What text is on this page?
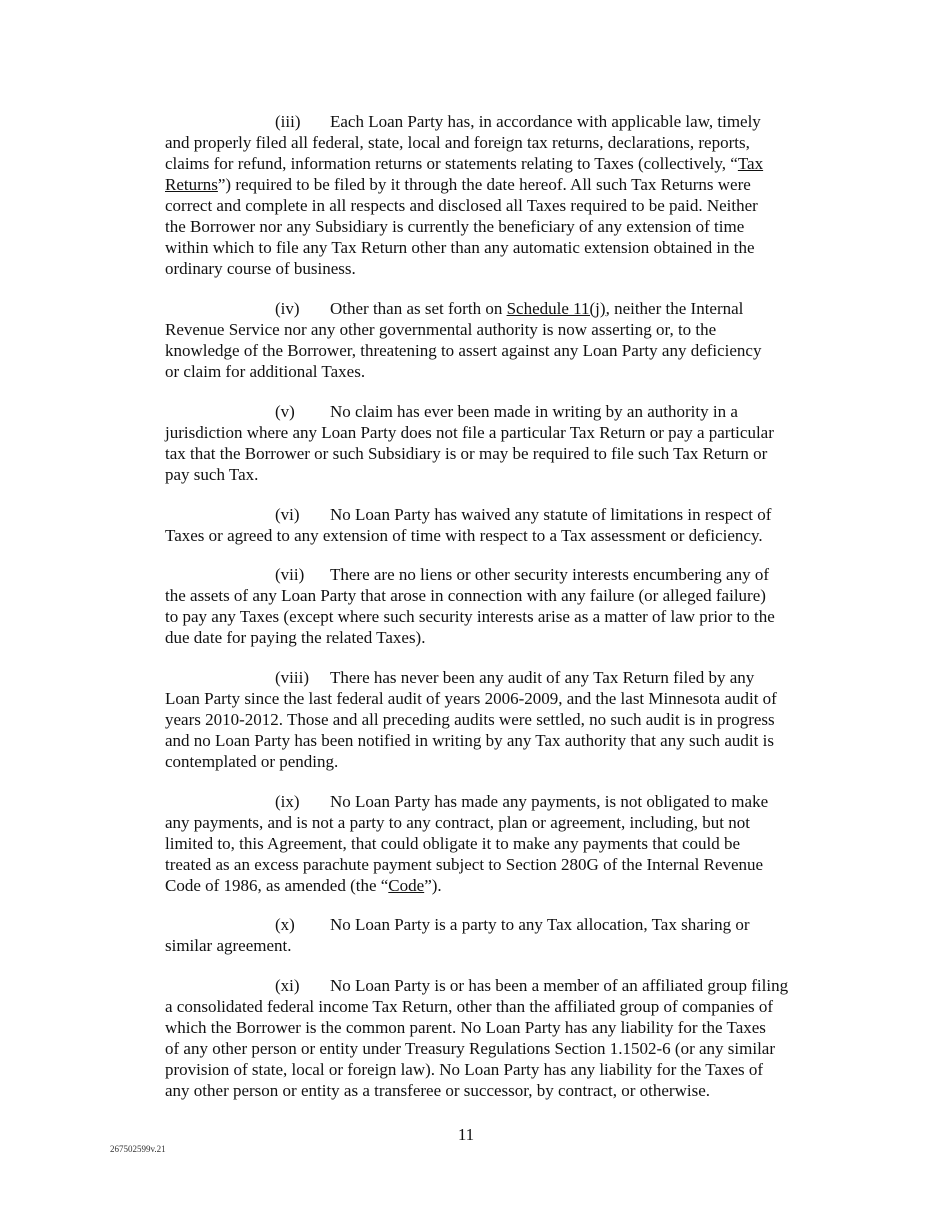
(iii) Each Loan Party has, in accordance with applicable law, timely
and properly filed all federal, state, local and foreign tax returns, declarations, reports,
claims for refund, information returns or statements relating to Taxes (collectively, “Tax
Returns”) required to be filed by it through the date hereof. All such Tax Returns were
correct and complete in all respects and disclosed all Taxes required to be paid. Neither
the Borrower nor any Subsidiary is currently the beneficiary of any extension of time
within which to file any Tax Return other than any automatic extension obtained in the
ordinary course of business.
(iv) Other than as set forth on Schedule 11(j), neither the Internal
Revenue Service nor any other governmental authority is now asserting or, to the
knowledge of the Borrower, threatening to assert against any Loan Party any deficiency
or claim for additional Taxes.
(v) No claim has ever been made in writing by an authority in a
jurisdiction where any Loan Party does not file a particular Tax Return or pay a particular
tax that the Borrower or such Subsidiary is or may be required to file such Tax Return or
pay such Tax.
(vi) No Loan Party has waived any statute of limitations in respect of
Taxes or agreed to any extension of time with respect to a Tax assessment or deficiency.
(vii) There are no liens or other security interests encumbering any of
the assets of any Loan Party that arose in connection with any failure (or alleged failure)
to pay any Taxes (except where such security interests arise as a matter of law prior to the
due date for paying the related Taxes).
(viii) There has never been any audit of any Tax Return filed by any
Loan Party since the last federal audit of years 2006-2009, and the last Minnesota audit of
years 2010-2012. Those and all preceding audits were settled, no such audit is in progress
and no Loan Party has been notified in writing by any Tax authority that any such audit is
contemplated or pending.
(ix) No Loan Party has made any payments, is not obligated to make
any payments, and is not a party to any contract, plan or agreement, including, but not
limited to, this Agreement, that could obligate it to make any payments that could be
treated as an excess parachute payment subject to Section 280G of the Internal Revenue
Code of 1986, as amended (the “Code”).
(x) No Loan Party is a party to any Tax allocation, Tax sharing or
similar agreement.
(xi) No Loan Party is or has been a member of an affiliated group filing
a consolidated federal income Tax Return, other than the affiliated group of companies of
which the Borrower is the common parent. No Loan Party has any liability for the Taxes
of any other person or entity under Treasury Regulations Section 1.1502-6 (or any similar
provision of state, local or foreign law). No Loan Party has any liability for the Taxes of
any other person or entity as a transferee or successor, by contract, or otherwise.
11
267502599v.21
